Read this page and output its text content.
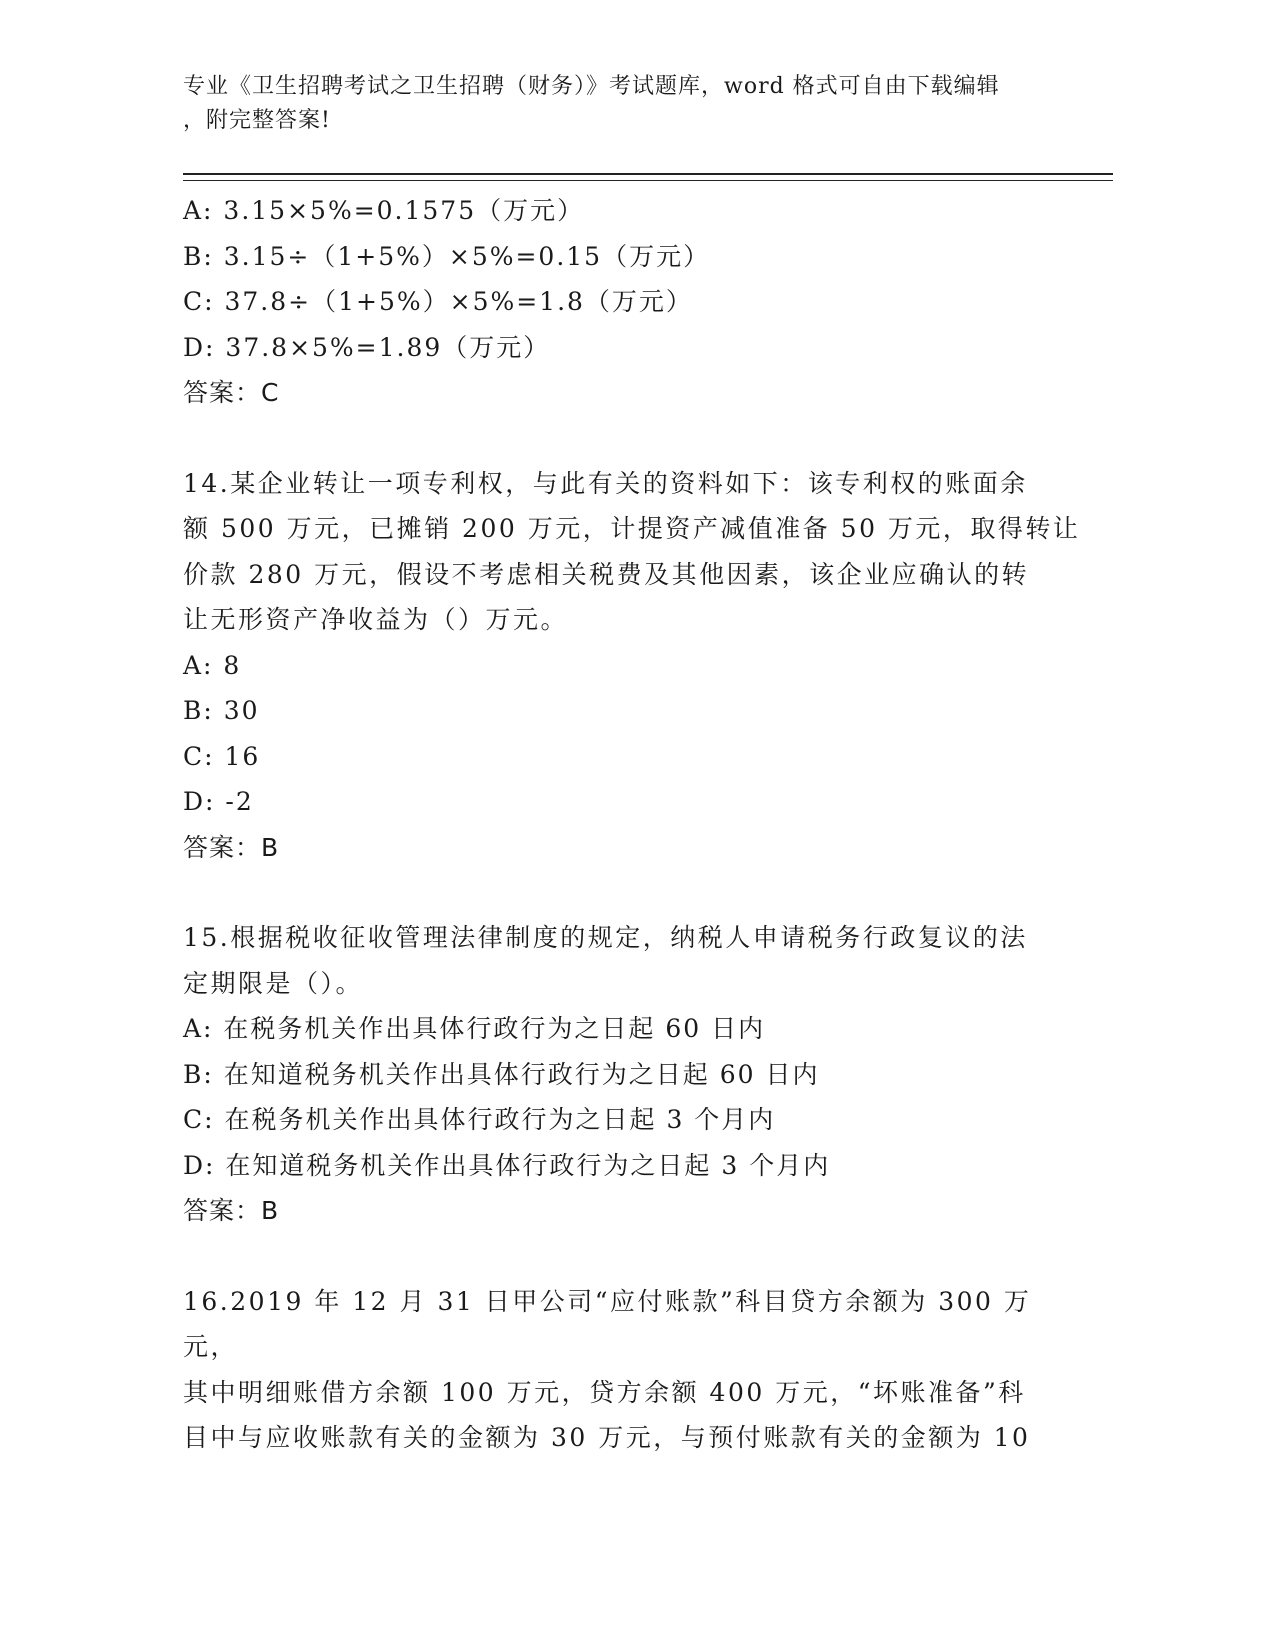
专业《卫生招聘考试之卫生招聘（财务）》考试题库，word 格式可自由下载编辑
，附完整答案!
A: 3.15×5%=0.1575（万元）
B: 3.15÷（1+5%）×5%=0.15（万元）
C: 37.8÷（1+5%）×5%=1.8（万元）
D: 37.8×5%=1.89（万元）
答案：C
14.某企业转让一项专利权，与此有关的资料如下：该专利权的账面余
额 500 万元，已摊销 200 万元，计提资产减值准备 50 万元，取得转让
价款 280 万元，假设不考虑相关税费及其他因素，该企业应确认的转
让无形资产净收益为（）万元。
A: 8
B: 30
C: 16
D: -2
答案：B
15.根据税收征收管理法律制度的规定，纳税人申请税务行政复议的法
定期限是（）。
A: 在税务机关作出具体行政行为之日起 60 日内
B: 在知道税务机关作出具体行政行为之日起 60 日内
C: 在税务机关作出具体行政行为之日起 3 个月内
D: 在知道税务机关作出具体行政行为之日起 3 个月内
答案：B
16.2019 年 12 月 31 日甲公司“应付账款”科目贷方余额为 300 万元，
其中明细账借方余额 100 万元，贷方余额 400 万元，“坏账准备”科
目中与应收账款有关的金额为 30 万元，与预付账款有关的金额为 10
